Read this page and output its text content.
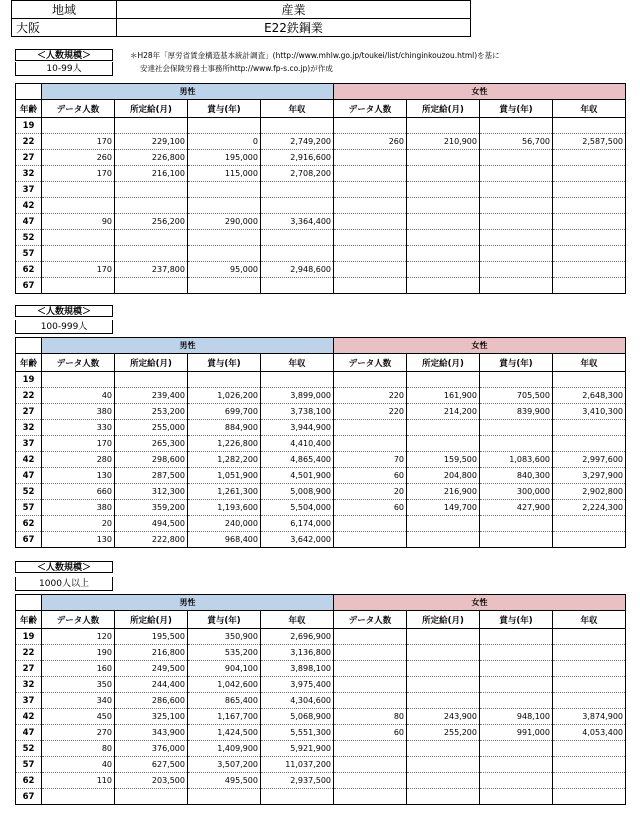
地域	産業
大阪	E22鉄鋼業
＊H28年「厚労省賃金構造基本統計調査」(http://www.mhlw.go.jp/toukei/list/chinginkouzou.html)を基に
安達社会保険労務士事務所http://www.fp-s.co.jp)が作成
＜人数規模＞
10-99人
	男性				女性			
年齢	データ人数	所定給(月)	賞与(年)	年収	データ人数	所定給(月)	賞与(年)	年収
19								
22	170	229,100	0	2,749,200	260	210,900	56,700	2,587,500
27	260	226,800	195,000	2,916,600				
32	170	216,100	115,000	2,708,200				
37								
42								
47	90	256,200	290,000	3,364,400				
52								
57								
62	170	237,800	95,000	2,948,600				
67								
＜人数規模＞
100-999人
	男性				女性			
年齢	データ人数	所定給(月)	賞与(年)	年収	データ人数	所定給(月)	賞与(年)	年収
19								
22	40	239,400	1,026,200	3,899,000	220	161,900	705,500	2,648,300
27	380	253,200	699,700	3,738,100	220	214,200	839,900	3,410,300
32	330	255,000	884,900	3,944,900				
37	170	265,300	1,226,800	4,410,400				
42	280	298,600	1,282,200	4,865,400	70	159,500	1,083,600	2,997,600
47	130	287,500	1,051,900	4,501,900	60	204,800	840,300	3,297,900
52	660	312,300	1,261,300	5,008,900	20	216,900	300,000	2,902,800
57	380	359,200	1,193,600	5,504,000	60	149,700	427,900	2,224,300
62	20	494,500	240,000	6,174,000				
67	130	222,800	968,400	3,642,000				
＜人数規模＞
1000人以上
	男性				女性			
年齢	データ人数	所定給(月)	賞与(年)	年収	データ人数	所定給(月)	賞与(年)	年収
19	120	195,500	350,900	2,696,900				
22	190	216,800	535,200	3,136,800				
27	160	249,500	904,100	3,898,100				
32	350	244,400	1,042,600	3,975,400				
37	340	286,600	865,400	4,304,600				
42	450	325,100	1,167,700	5,068,900	80	243,900	948,100	3,874,900
47	270	343,900	1,424,500	5,551,300	60	255,200	991,000	4,053,400
52	80	376,000	1,409,900	5,921,900				
57	40	627,500	3,507,200	11,037,200				
62	110	203,500	495,500	2,937,500				
67								
